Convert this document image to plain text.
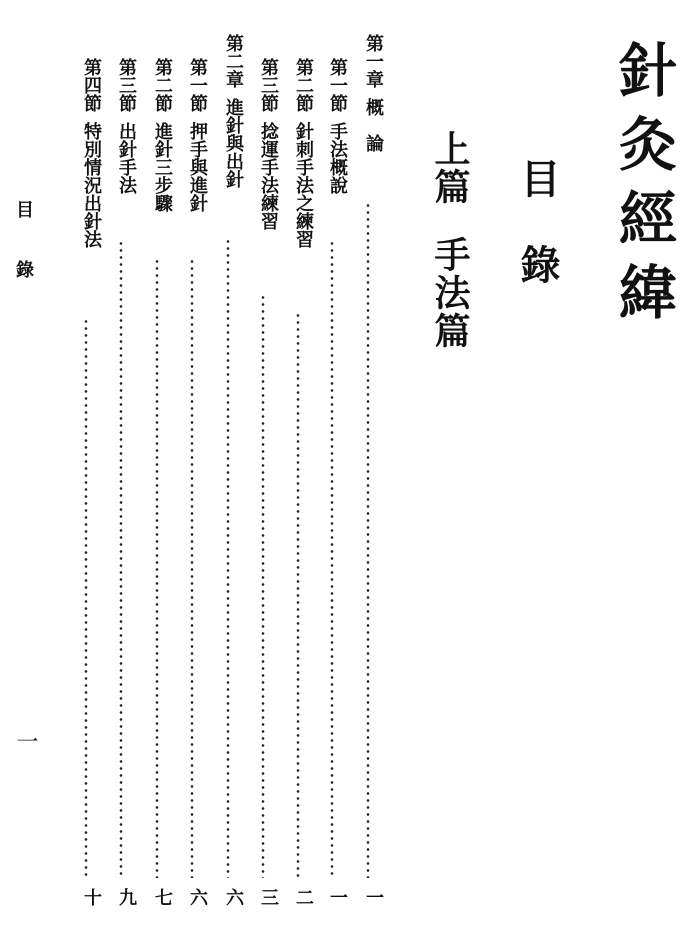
針灸經緯
目錄
上篇手法篇
第一章概　論
一
第一節手法概說
一
第二節針刺手法之練習
二
第三節捻運手法練習
三
第二章進針與出針
六
第一節押手與進針
六
第二節進針三步驟
七
第三節出針手法
九
第四節特別情況出針法
十
目錄
一
